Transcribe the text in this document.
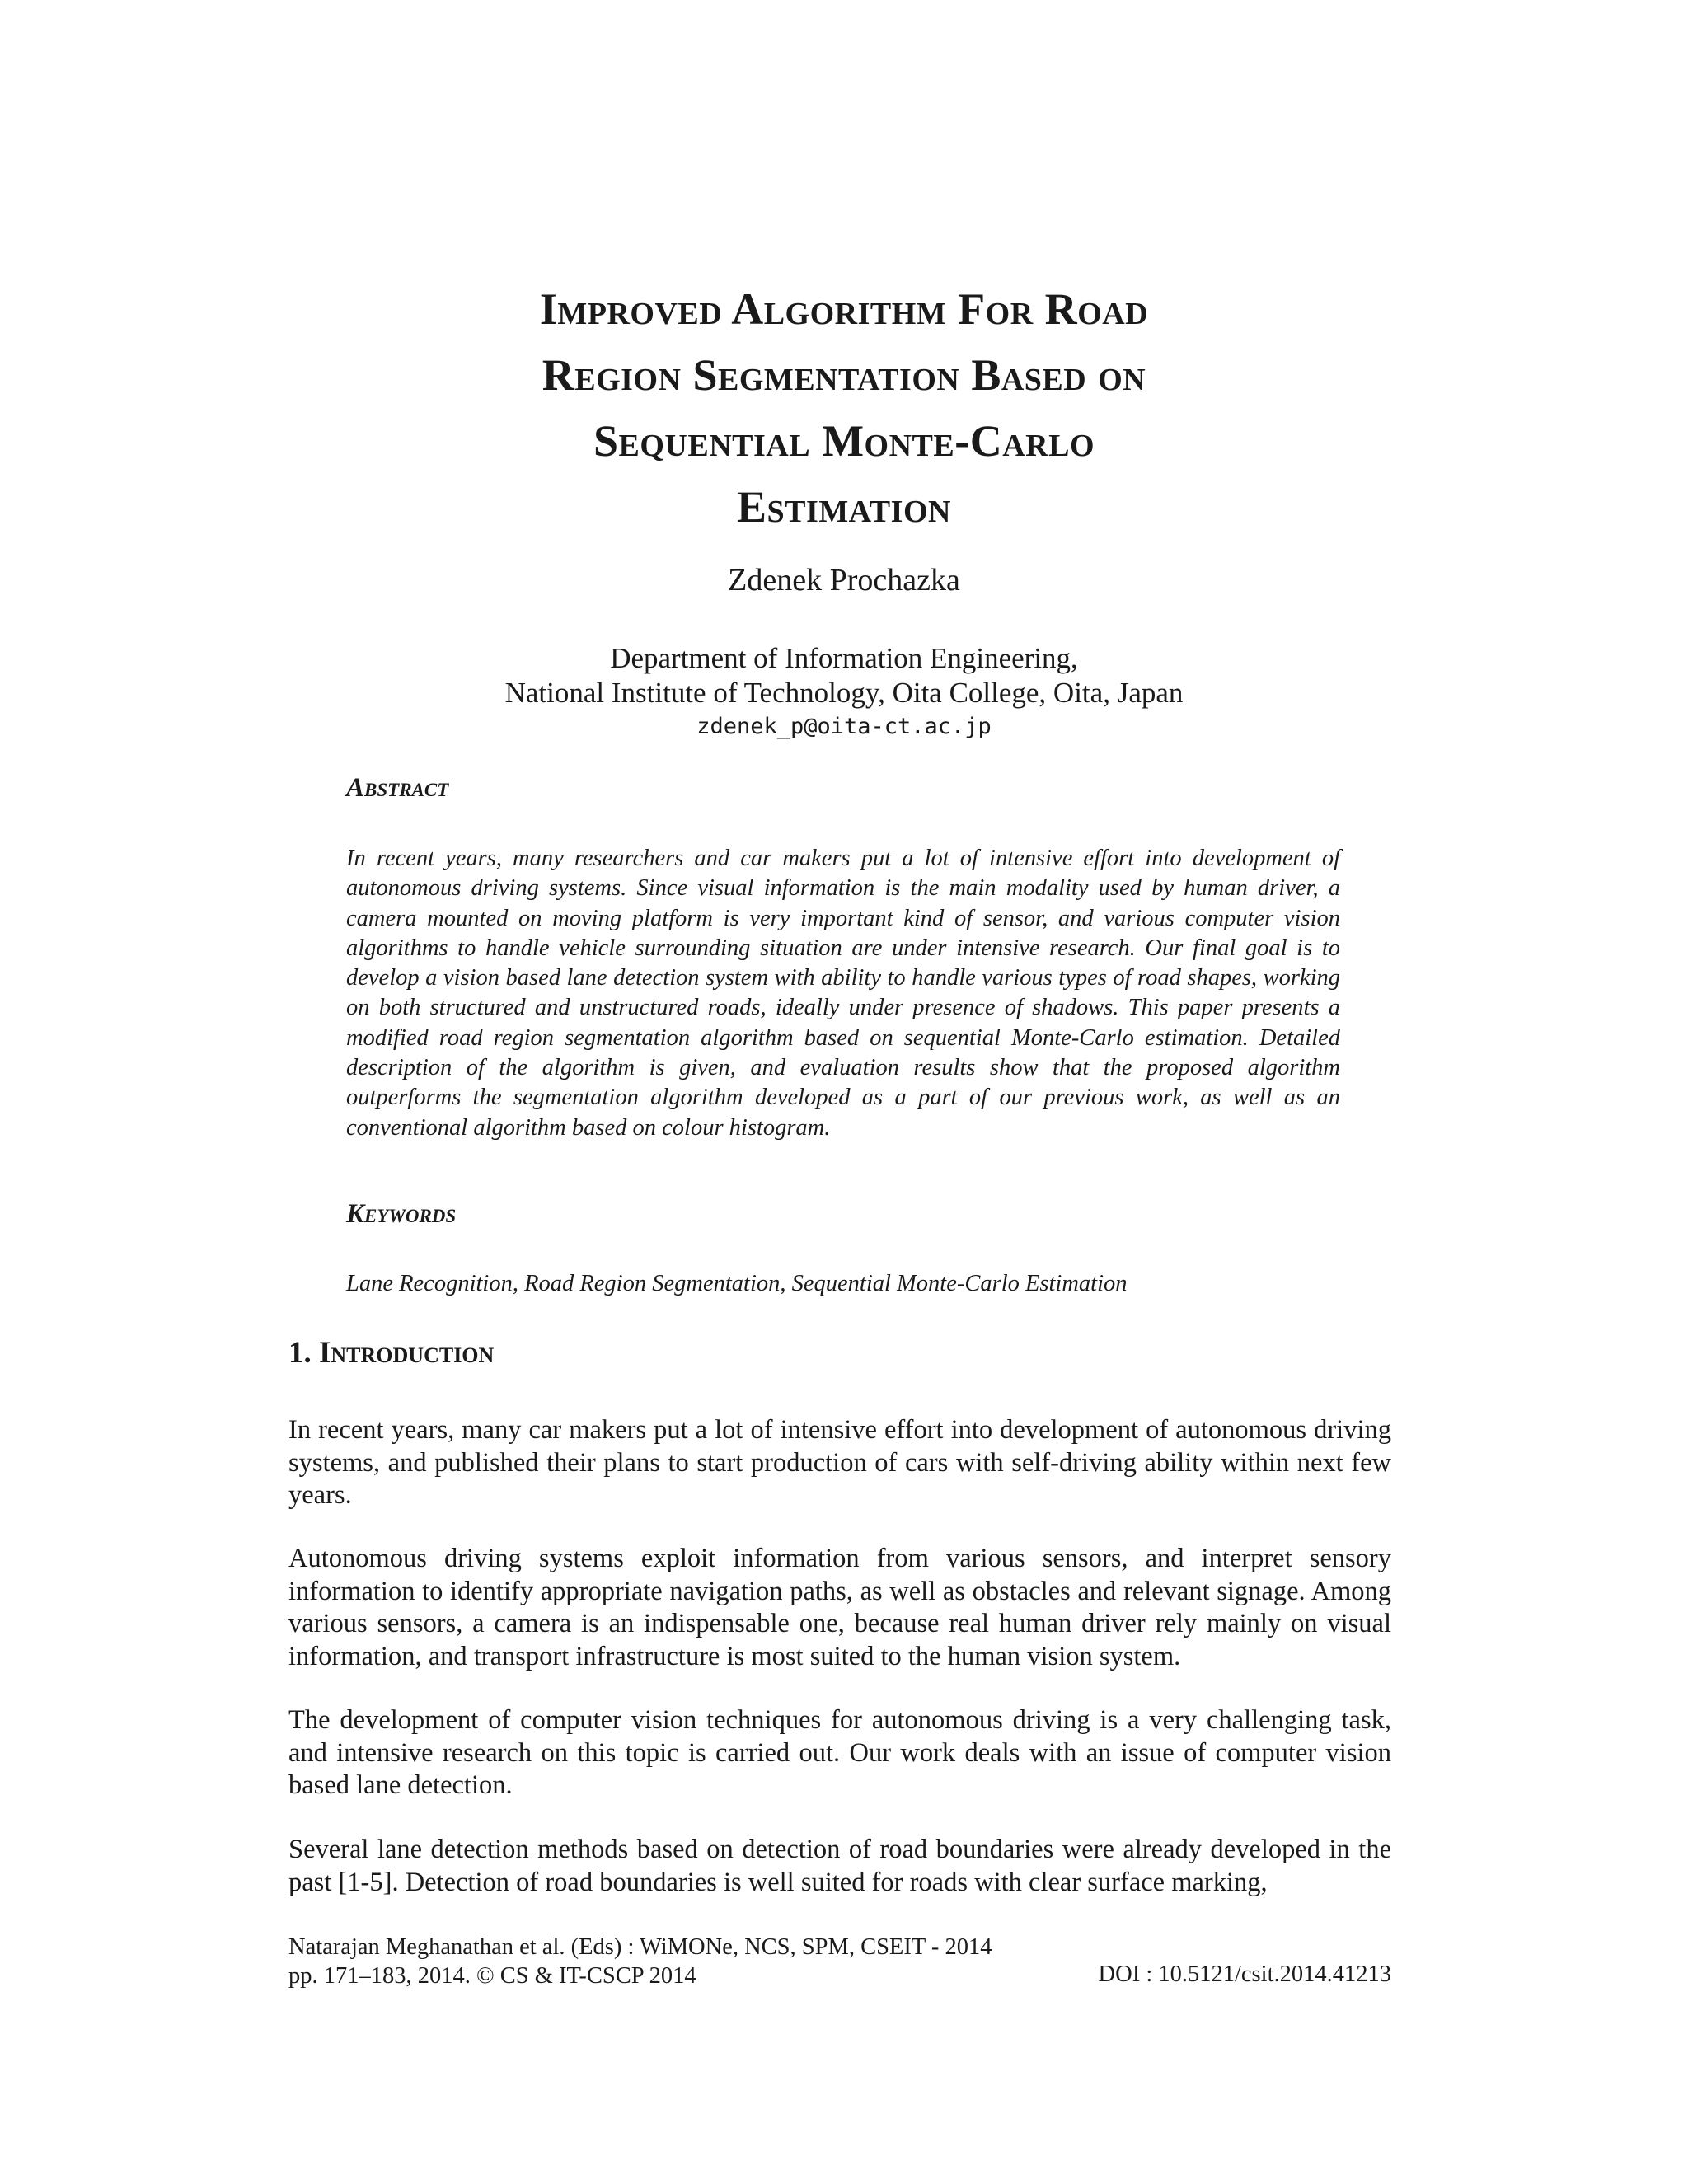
Improved Algorithm For Road
Region Segmentation Based on
Sequential Monte-Carlo
Estimation
Zdenek Prochazka
Department of Information Engineering,
National Institute of Technology, Oita College, Oita, Japan
zdenek_p@oita-ct.ac.jp
Abstract
In recent years, many researchers and car makers put a lot of intensive effort into development of autonomous driving systems. Since visual information is the main modality used by human driver, a camera mounted on moving platform is very important kind of sensor, and various computer vision algorithms to handle vehicle surrounding situation are under intensive research. Our final goal is to develop a vision based lane detection system with ability to handle various types of road shapes, working on both structured and unstructured roads, ideally under presence of shadows. This paper presents a modified road region segmentation algorithm based on sequential Monte-Carlo estimation. Detailed description of the algorithm is given, and evaluation results show that the proposed algorithm outperforms the segmentation algorithm developed as a part of our previous work, as well as an conventional algorithm based on colour histogram.
Keywords
Lane Recognition, Road Region Segmentation, Sequential Monte-Carlo Estimation
1. Introduction

In recent years, many car makers put a lot of intensive effort into development of autonomous driving systems, and published their plans to start production of cars with self-driving ability within next few years.

Autonomous driving systems exploit information from various sensors, and interpret sensory information to identify appropriate navigation paths, as well as obstacles and relevant signage. Among various sensors, a camera is an indispensable one, because real human driver rely mainly on visual information, and transport infrastructure is most suited to the human vision system.

The development of computer vision techniques for autonomous driving is a very challenging task, and intensive research on this topic is carried out. Our work deals with an issue of computer vision based lane detection.

Several lane detection methods based on detection of road boundaries were already developed in the past [1-5]. Detection of road boundaries is well suited for roads with clear surface marking,

Natarajan Meghanathan et al. (Eds) : WiMONe, NCS, SPM, CSEIT - 2014
pp. 171–183, 2014. © CS & IT-CSCP 2014	DOI : 10.5121/csit.2014.41213
